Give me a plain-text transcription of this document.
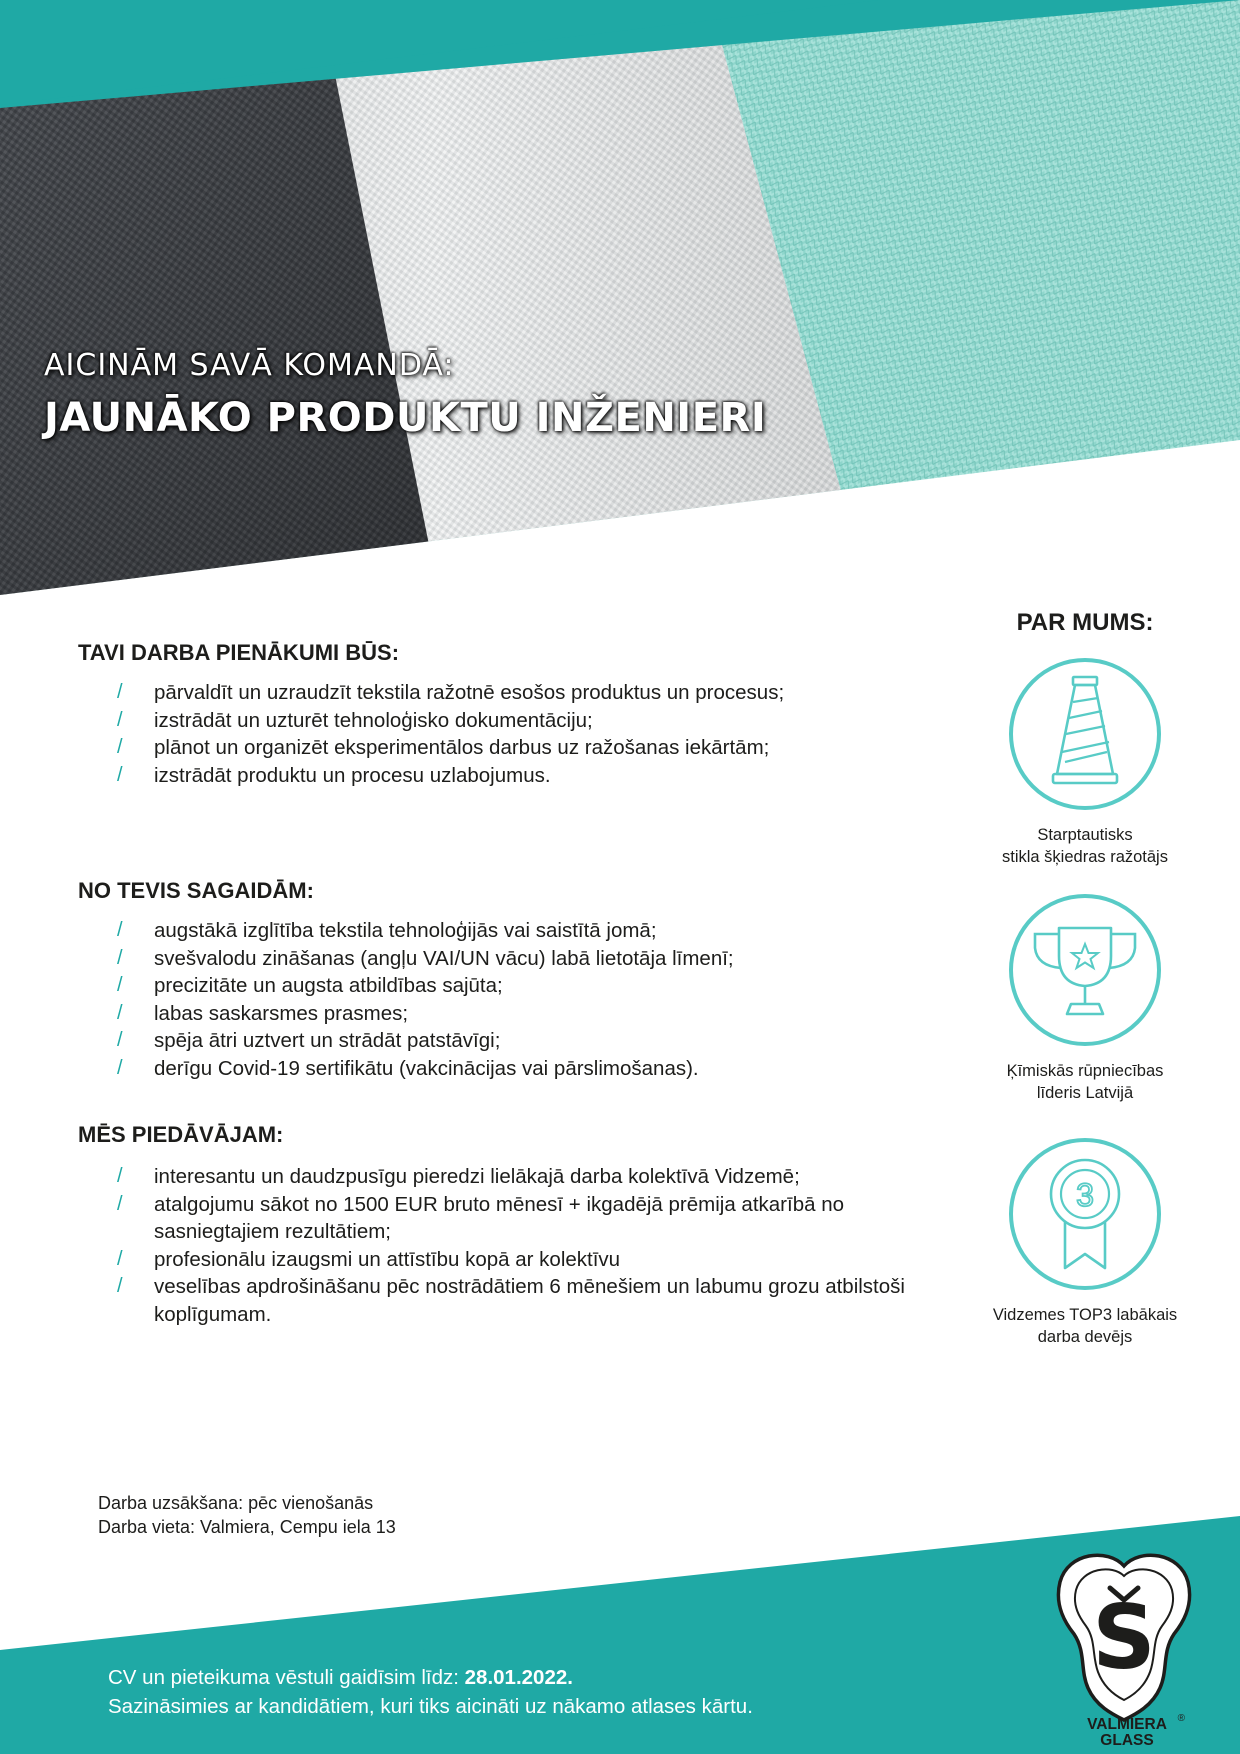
AICINĀM SAVĀ KOMANDĀ:
JAUNĀKO PRODUKTU INŽENIERI
TAVI DARBA PIENĀKUMI BŪS:
/ pārvaldīt un uzraudzīt tekstila ražotnē esošos produktus un procesus;
/ izstrādāt un uzturēt tehnoloģisko dokumentāciju;
/ plānot un organizēt eksperimentālos darbus uz ražošanas iekārtām;
/ izstrādāt produktu un procesu uzlabojumus.
NO TEVIS SAGAIDĀM:
/ augstākā izglītība tekstila tehnoloģijās vai saistītā jomā;
/ svešvalodu zināšanas (angļu VAI/UN vācu) labā lietotāja līmenī;
/ precizitāte un augsta atbildības sajūta;
/ labas saskarsmes prasmes;
/ spēja ātri uztvert un strādāt patstāvīgi;
/ derīgu Covid-19 sertifikātu (vakcinācijas vai pārslimošanas).
MĒS PIEDĀVĀJAM:
/ interesantu un daudzpusīgu pieredzi lielākajā darba kolektīvā Vidzemē;
/ atalgojumu sākot no 1500 EUR bruto mēnesī + ikgadējā prēmija atkarībā no sasniegtajiem rezultātiem;
/ profesionālu izaugsmi un attīstību kopā ar kolektīvu
/ veselības apdrošināšanu pēc nostrādātiem 6 mēnešiem un labumu grozu atbilstoši koplīgumam.
PAR MUMS:
Starptautisks
stikla šķiedras ražotājs
Ķīmiskās rūpniecības
līderis Latvijā
3
Vidzemes TOP3 labākais
darba devējs
Darba uzsākšana: pēc vienošanās
Darba vieta: Valmiera, Cempu iela 13
CV un pieteikuma vēstuli gaidīsim līdz: 28.01.2022.
Sazināsimies ar kandidātiem, kuri tiks aicināti uz nākamo atlases kārtu.
S
VALMIERA
GLASS
®
